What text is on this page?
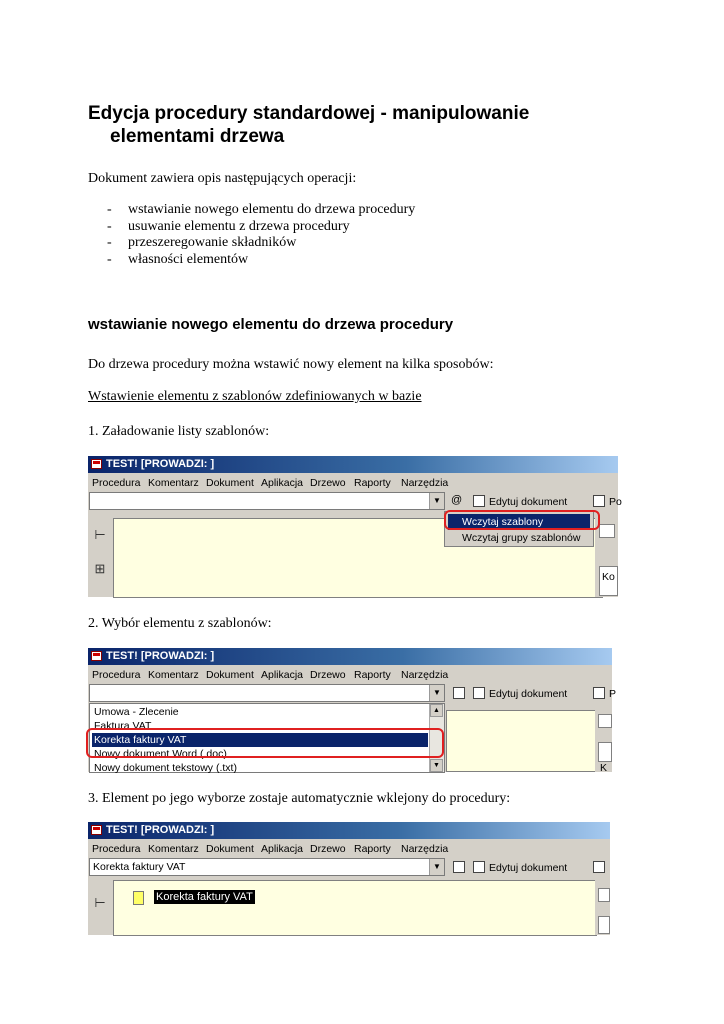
Edycja procedury standardowej - manipulowanie
elementami drzewa
Dokument zawiera opis następujących operacji:
- wstawianie nowego elementu do drzewa procedury
- usuwanie elementu z drzewa procedury
- przeszeregowanie składników
- własności elementów
wstawianie nowego elementu do drzewa procedury
Do drzewa procedury można wstawić nowy element na kilka sposobów:
Wstawienie elementu z szablonów zdefiniowanych w bazie
1. Załadowanie listy szablonów:
TEST! [PROWADZI: ]
Procedura Komentarz Dokument Aplikacja Drzewo Raporty Narzędzia
▼ @	Edytuj dokument	Po
⊢
⊞
Ko
Wczytaj szablony
Wczytaj grupy szablonów
2. Wybór elementu z szablonów:
TEST! [PROWADZI: ]
Procedura Komentarz Dokument Aplikacja Drzewo Raporty Narzędzia
▼	Edytuj dokument	P
Umowa - Zlecenie
Faktura VAT
Korekta faktury VAT
Nowy dokument Word (.doc)
Nowy dokument tekstowy (.txt)
▲
▼	K
3. Element po jego wyborze zostaje automatycznie wklejony do procedury:
TEST! [PROWADZI: ]
Procedura Komentarz Dokument Aplikacja Drzewo Raporty Narzędzia
Korekta faktury VAT	▼	Edytuj dokument
⊢	Korekta faktury VAT
